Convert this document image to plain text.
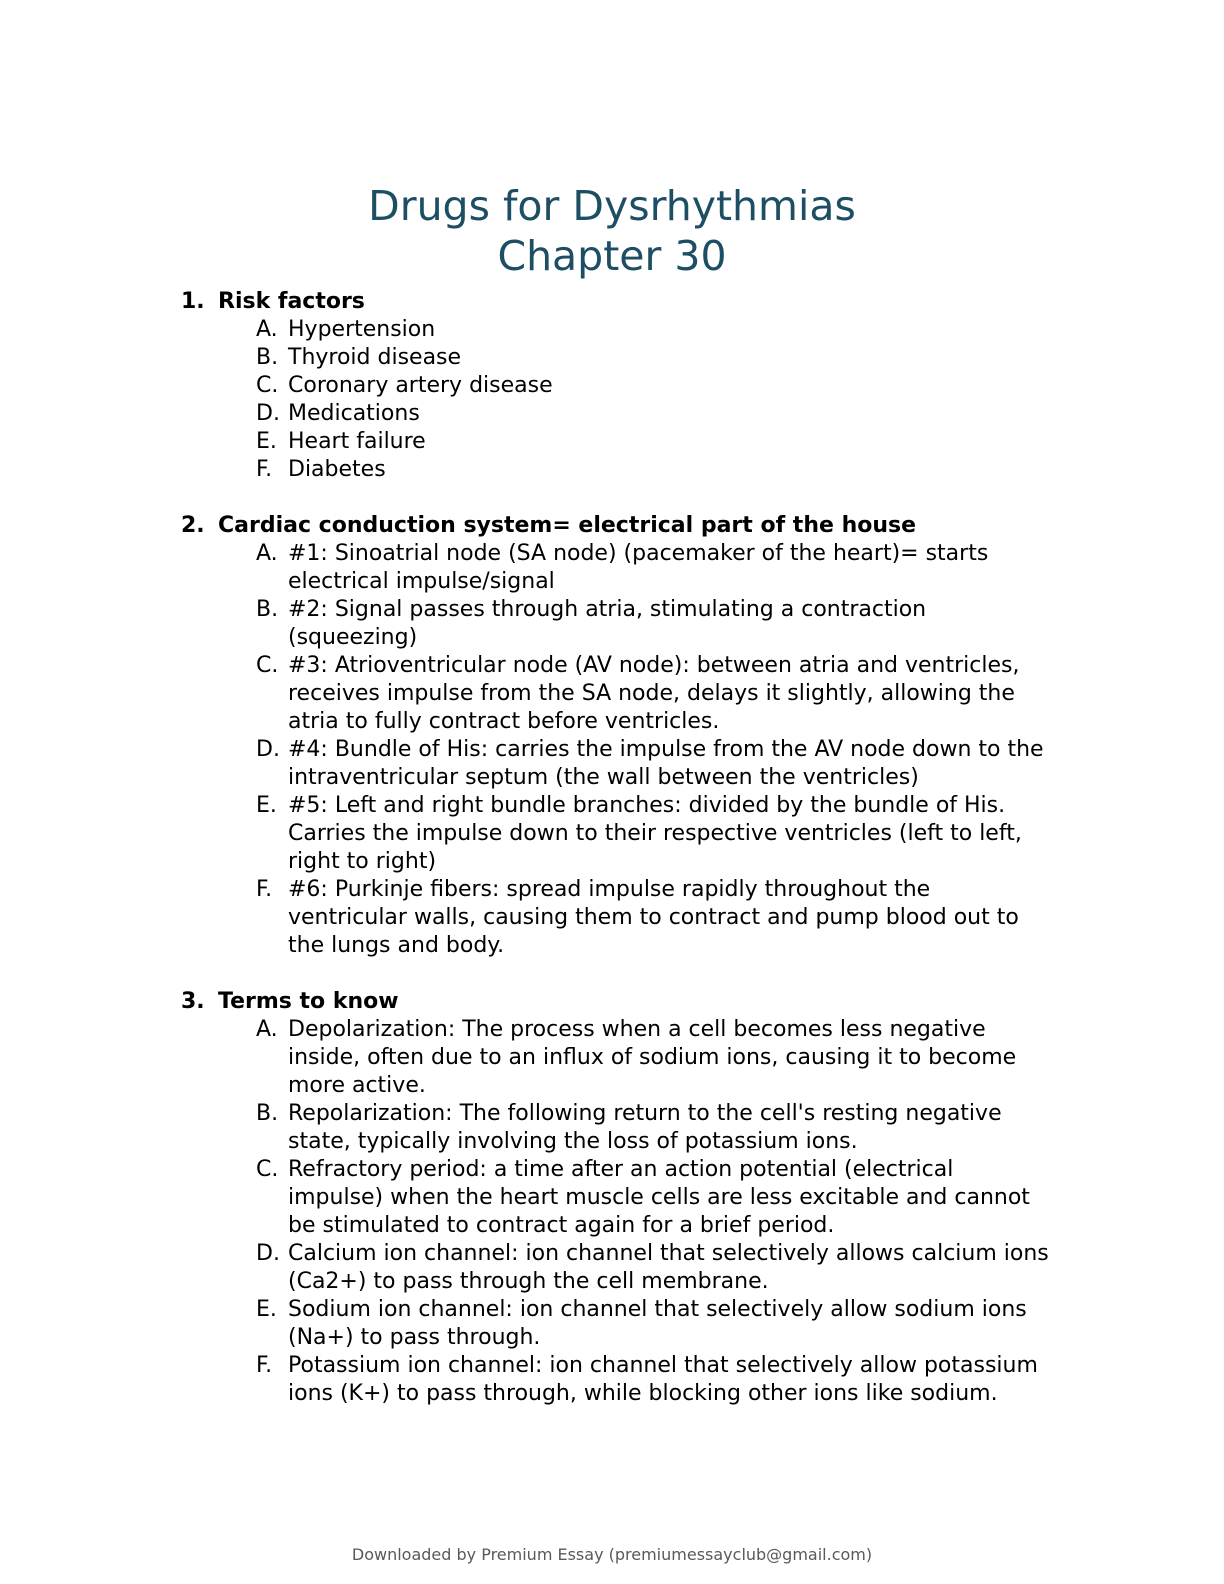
Drugs for Dysrhythmias
Chapter 30
1. Risk factors
A. Hypertension
B. Thyroid disease
C. Coronary artery disease
D. Medications
E. Heart failure
F. Diabetes
2. Cardiac conduction system= electrical part of the house
A. #1: Sinoatrial node (SA node) (pacemaker of the heart)= starts electrical impulse/signal
B. #2: Signal passes through atria, stimulating a contraction (squeezing)
C. #3: Atrioventricular node (AV node): between atria and ventricles, receives impulse from the SA node, delays it slightly, allowing the atria to fully contract before ventricles.
D. #4: Bundle of His: carries the impulse from the AV node down to the intraventricular septum (the wall between the ventricles)
E. #5: Left and right bundle branches: divided by the bundle of His. Carries the impulse down to their respective ventricles (left to left, right to right)
F. #6: Purkinje fibers: spread impulse rapidly throughout the ventricular walls, causing them to contract and pump blood out to the lungs and body.
3. Terms to know
A. Depolarization: The process when a cell becomes less negative inside, often due to an influx of sodium ions, causing it to become more active.
B. Repolarization: The following return to the cell's resting negative state, typically involving the loss of potassium ions.
C. Refractory period: a time after an action potential (electrical impulse) when the heart muscle cells are less excitable and cannot be stimulated to contract again for a brief period.
D. Calcium ion channel: ion channel that selectively allows calcium ions (Ca2+) to pass through the cell membrane.
E. Sodium ion channel: ion channel that selectively allow sodium ions (Na+) to pass through.
F. Potassium ion channel: ion channel that selectively allow potassium ions (K+) to pass through, while blocking other ions like sodium.
Downloaded by Premium Essay (premiumessayclub@gmail.com)
